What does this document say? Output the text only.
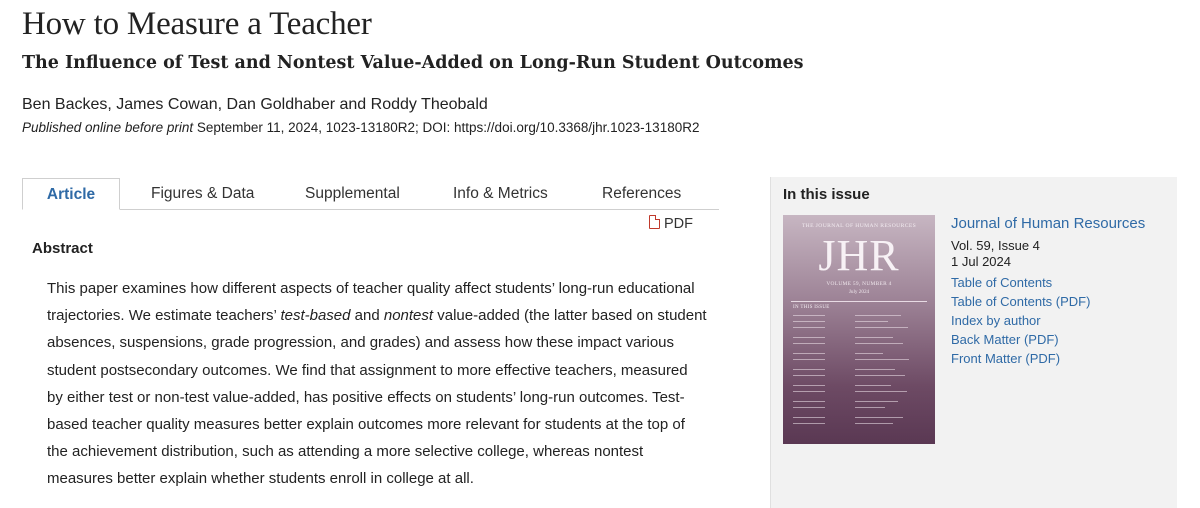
How to Measure a Teacher
The Influence of Test and Nontest Value-Added on Long-Run Student Outcomes
Ben Backes, James Cowan, Dan Goldhaber and Roddy Theobald
Published online before print September 11, 2024, 1023-13180R2; DOI: https://doi.org/10.3368/jhr.1023-13180R2
Article	Figures & Data	Supplemental	Info & Metrics	References
PDF
Abstract

This paper examines how different aspects of teacher quality affect students’ long-run educational trajectories. We estimate teachers’ test-based and nontest value-added (the latter based on student absences, suspensions, grade progression, and grades) and assess how these impact various student postsecondary outcomes. We find that assignment to more effective teachers, measured by either test or non-test value-added, has positive effects on students’ long-run outcomes. Test-based teacher quality measures better explain outcomes more relevant for students at the top of the achievement distribution, such as attending a more selective college, whereas nontest measures better explain whether students enroll in college at all.

In this issue
THE JOURNAL OF HUMAN RESOURCES
JHR
VOLUME 59, NUMBER 4
July 2024
IN THIS ISSUE
Journal of Human Resources
Vol. 59, Issue 4
1 Jul 2024
Table of Contents
Table of Contents (PDF)
Index by author
Back Matter (PDF)
Front Matter (PDF)
